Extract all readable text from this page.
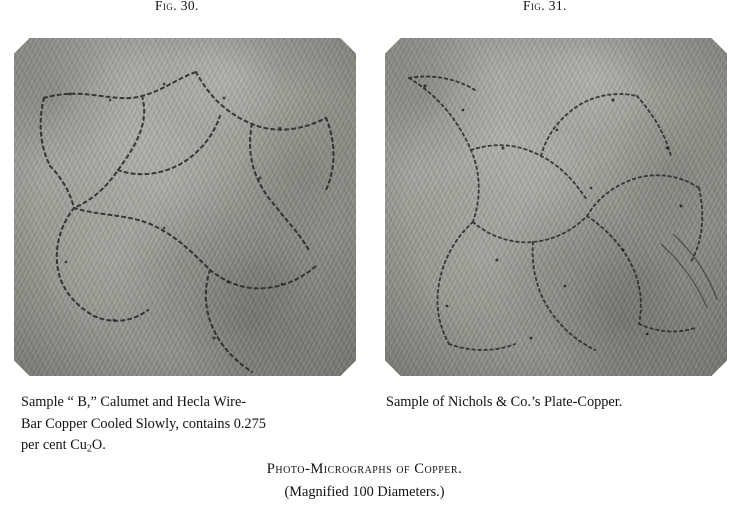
Fig. 30.	Fig. 31.
Sample “ B,” Calumet and Hecla Wire-
Bar Copper Cooled Slowly, contains 0.275
per cent $Cu_2O$.
Sample of Nichols & Co.’s Plate-Copper.
Photo-Micrographs of Copper.
(Magnified 100 Diameters.)
